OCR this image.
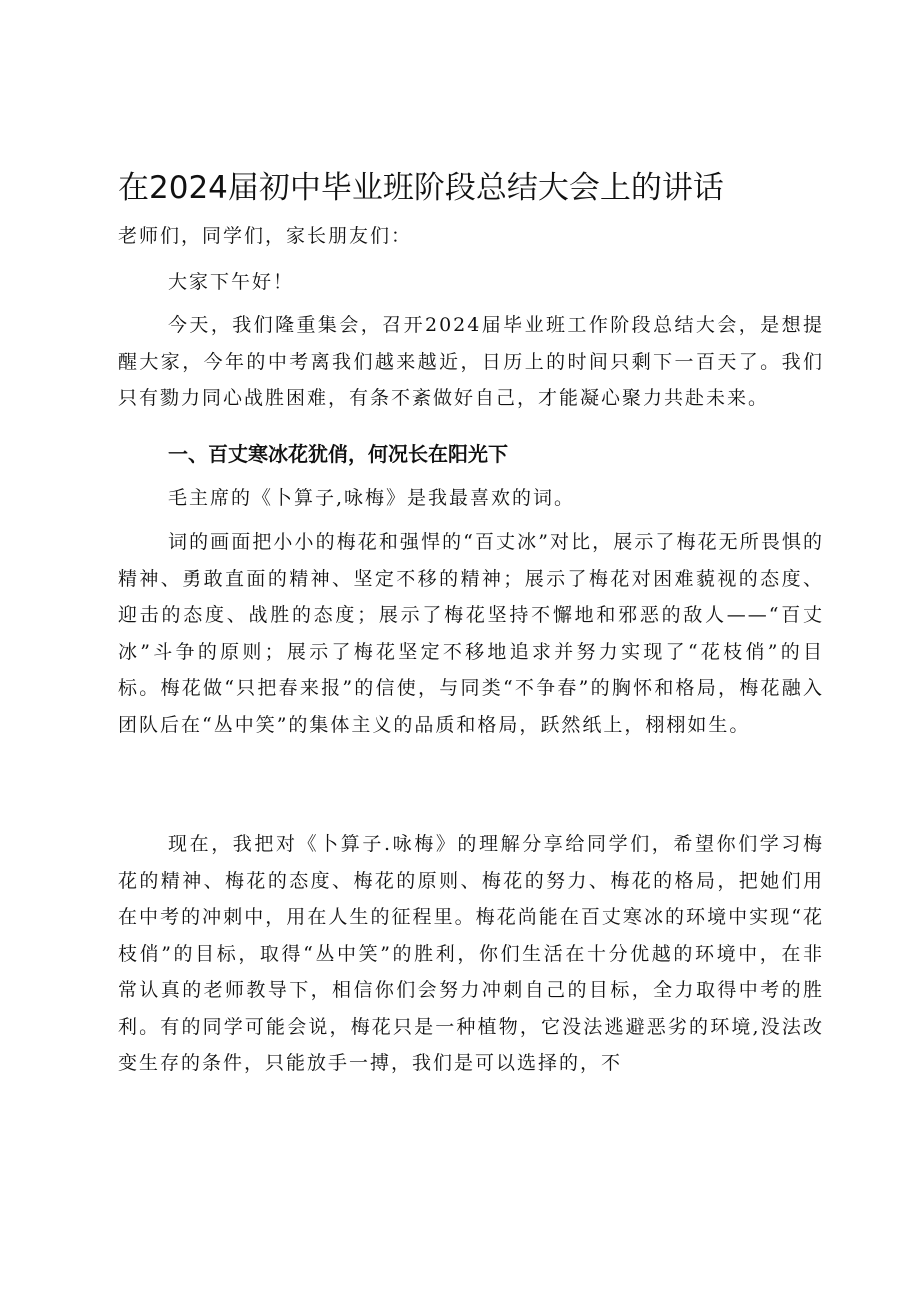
在2024届初中毕业班阶段总结大会上的讲话

老师们，同学们，家长朋友们：

大家下午好！

今天，我们隆重集会，召开2024届毕业班工作阶段总结大会，是想提醒大家，今年的中考离我们越来越近，日历上的时间只剩下一百天了。我们只有勠力同心战胜困难，有条不紊做好自己，才能凝心聚力共赴未来。

一、百丈寒冰花犹俏，何况长在阳光下

毛主席的《卜算子,咏梅》是我最喜欢的词。

词的画面把小小的梅花和强悍的“百丈冰”对比，展示了梅花无所畏惧的精神、勇敢直面的精神、坚定不移的精神；展示了梅花对困难藐视的态度、迎击的态度、战胜的态度；展示了梅花坚持不懈地和邪恶的敌人——“百丈冰”斗争的原则；展示了梅花坚定不移地追求并努力实现了“花枝俏”的目标。梅花做“只把春来报”的信使，与同类“不争春”的胸怀和格局，梅花融入团队后在“丛中笑”的集体主义的品质和格局，跃然纸上，栩栩如生。

现在，我把对《卜算子.咏梅》的理解分享给同学们，希望你们学习梅花的精神、梅花的态度、梅花的原则、梅花的努力、梅花的格局，把她们用在中考的冲刺中，用在人生的征程里。梅花尚能在百丈寒冰的环境中实现“花枝俏”的目标，取得“丛中笑”的胜利，你们生活在十分优越的环境中，在非常认真的老师教导下，相信你们会努力冲刺自己的目标，全力取得中考的胜利。有的同学可能会说，梅花只是一种植物，它没法逃避恶劣的环境,没法改变生存的条件，只能放手一搏，我们是可以选择的，不
